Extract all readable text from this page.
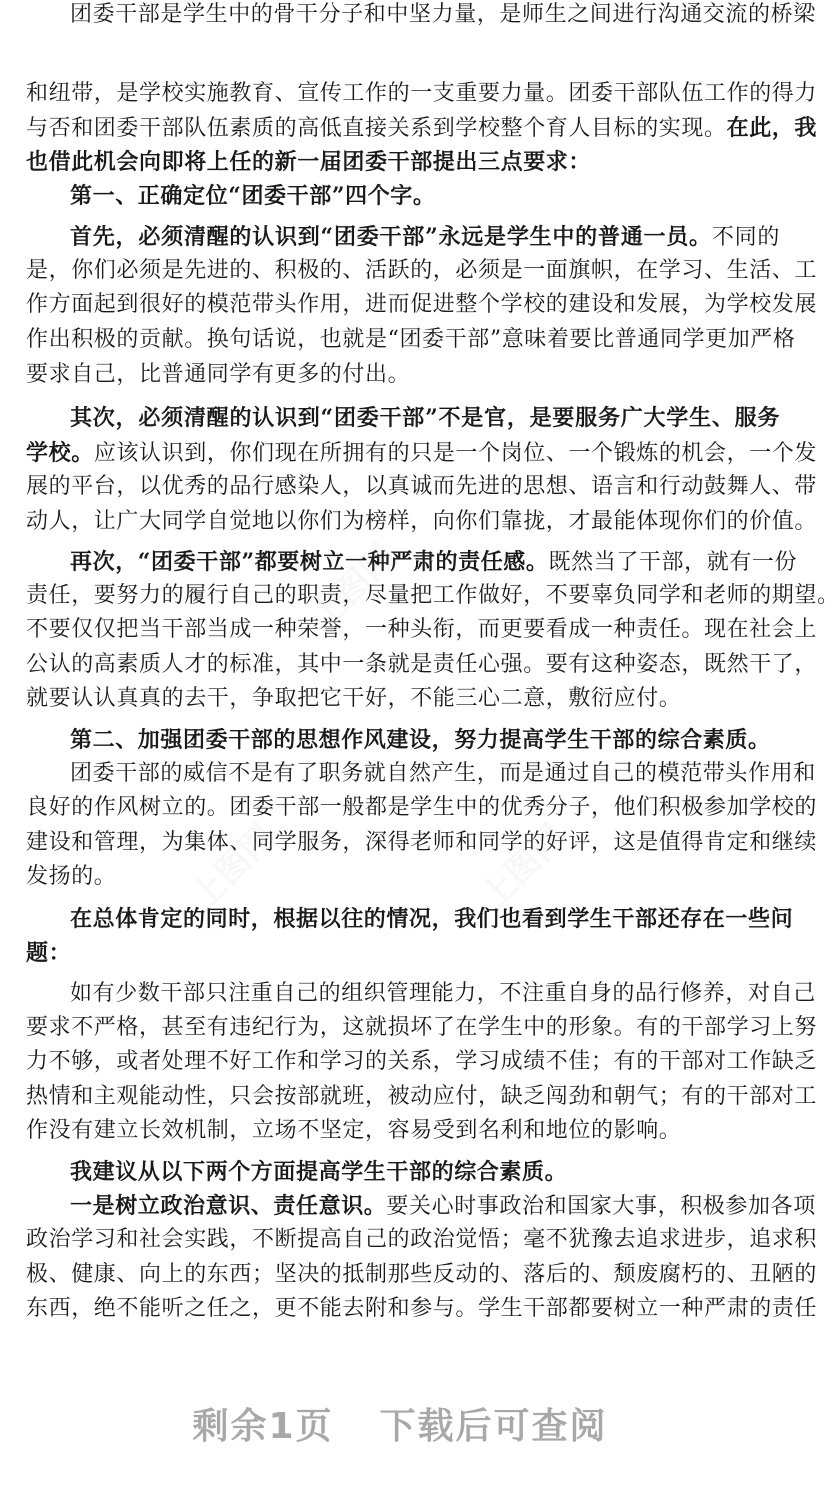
团委干部是学生中的骨干分子和中坚力量，是师生之间进行沟通交流的桥梁
和纽带，是学校实施教育、宣传工作的一支重要力量。团委干部队伍工作的得力
与否和团委干部队伍素质的高低直接关系到学校整个育人目标的实现。在此，我
也借此机会向即将上任的新一届团委干部提出三点要求：
第一、正确定位“团委干部”四个字。
首先，必须清醒的认识到“团委干部”永远是学生中的普通一员。不同的
是，你们必须是先进的、积极的、活跃的，必须是一面旗帜，在学习、生活、工
作方面起到很好的模范带头作用，进而促进整个学校的建设和发展，为学校发展
作出积极的贡献。换句话说，也就是“团委干部”意味着要比普通同学更加严格
要求自己，比普通同学有更多的付出。
其次，必须清醒的认识到“团委干部”不是官，是要服务广大学生、服务
学校。应该认识到，你们现在所拥有的只是一个岗位、一个锻炼的机会，一个发
展的平台，以优秀的品行感染人，以真诚而先进的思想、语言和行动鼓舞人、带
动人，让广大同学自觉地以你们为榜样，向你们靠拢，才最能体现你们的价值。
再次，“团委干部”都要树立一种严肃的责任感。既然当了干部，就有一份
责任，要努力的履行自己的职责，尽量把工作做好，不要辜负同学和老师的期望。
不要仅仅把当干部当成一种荣誉，一种头衔，而更要看成一种责任。现在社会上
公认的高素质人才的标准，其中一条就是责任心强。要有这种姿态，既然干了，
就要认认真真的去干，争取把它干好，不能三心二意，敷衍应付。
第二、加强团委干部的思想作风建设，努力提高学生干部的综合素质。
团委干部的威信不是有了职务就自然产生，而是通过自己的模范带头作用和
良好的作风树立的。团委干部一般都是学生中的优秀分子，他们积极参加学校的
建设和管理，为集体、同学服务，深得老师和同学的好评，这是值得肯定和继续
发扬的。
在总体肯定的同时，根据以往的情况，我们也看到学生干部还存在一些问
题：
如有少数干部只注重自己的组织管理能力，不注重自身的品行修养，对自己
要求不严格，甚至有违纪行为，这就损坏了在学生中的形象。有的干部学习上努
力不够，或者处理不好工作和学习的关系，学习成绩不佳；有的干部对工作缺乏
热情和主观能动性，只会按部就班，被动应付，缺乏闯劲和朝气；有的干部对工
作没有建立长效机制，立场不坚定，容易受到名利和地位的影响。
我建议从以下两个方面提高学生干部的综合素质。
一是树立政治意识、责任意识。要关心时事政治和国家大事，积极参加各项
政治学习和社会实践，不断提高自己的政治觉悟；毫不犹豫去追求进步，追求积
极、健康、向上的东西；坚决的抵制那些反动的、落后的、颓废腐朽的、丑陋的
东西，绝不能听之任之，更不能去附和参与。学生干部都要树立一种严肃的责任
上图网	上图网
上图网
剩余1页 下载后可查阅
